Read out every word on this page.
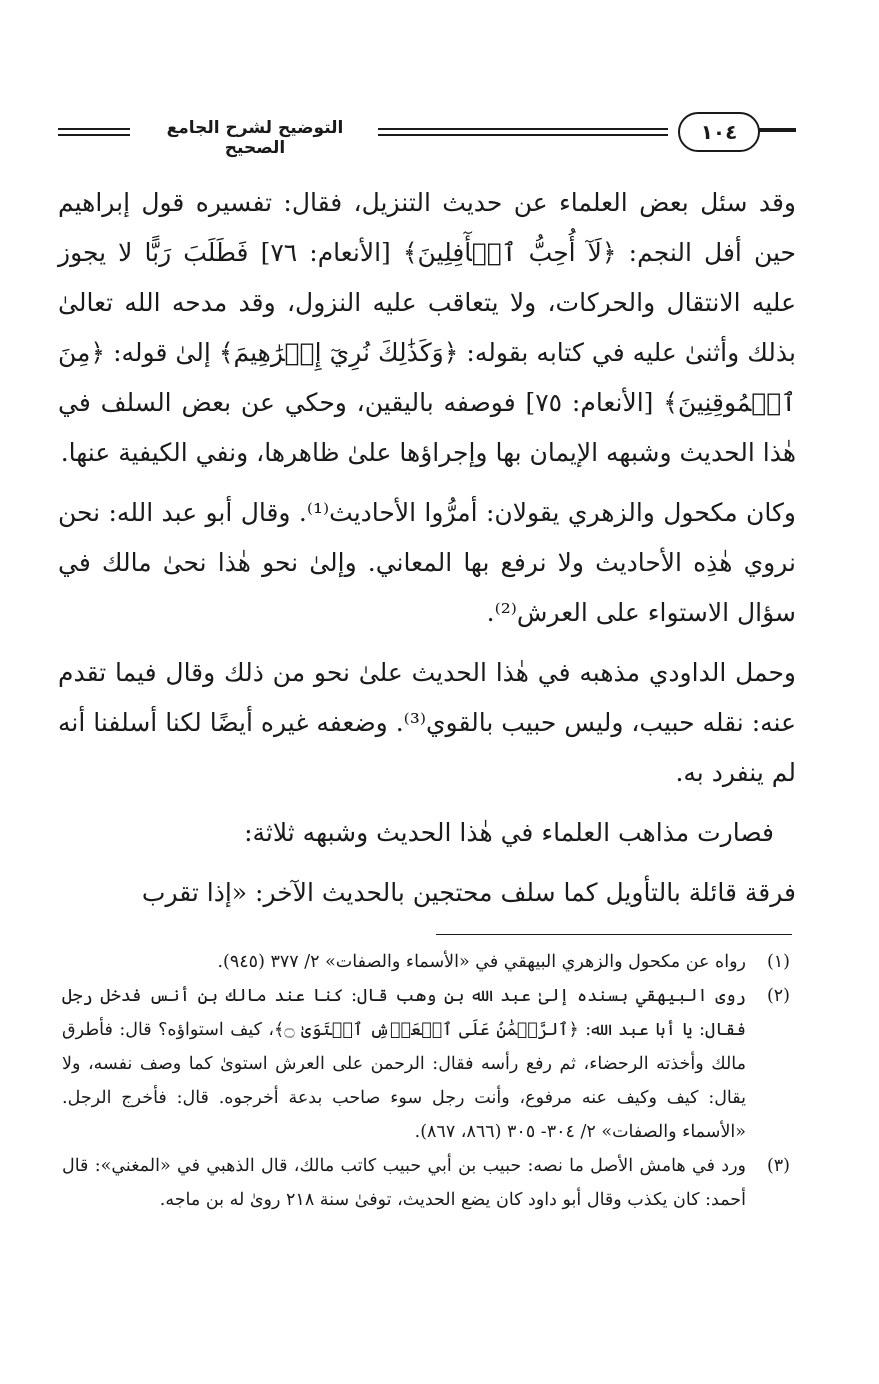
التوضيح لشرح الجامع الصحيح
١٠٤

وقد سئل بعض العلماء عن حديث التنزيل، فقال: تفسيره قول إبراهيم حين أفل النجم: ﴿لَآ أُحِبُّ ٱلۡأٓفِلِينَ﴾ [الأنعام: ٧٦] فَطَلَبَ رَبًّا لا يجوز عليه الانتقال والحركات، ولا يتعاقب عليه النزول، وقد مدحه الله تعالىٰ بذلك وأثنىٰ عليه في كتابه بقوله: ﴿وَكَذَٰلِكَ نُرِيٓ إِبۡرَٰهِيمَ﴾ إلىٰ قوله: ﴿مِنَ ٱلۡمُوقِنِينَ﴾ [الأنعام: ٧٥] فوصفه باليقين، وحكي عن بعض السلف في هٰذا الحديث وشبهه الإيمان بها وإجراؤها علىٰ ظاهرها، ونفي الكيفية عنها.

وكان مكحول والزهري يقولان: أمرُّوا الأحاديث⁽¹⁾. وقال أبو عبد الله: نحن نروي هٰذِه الأحاديث ولا نرفع بها المعاني. وإلىٰ نحو هٰذا نحىٰ مالك في سؤال الاستواء على العرش⁽²⁾.

وحمل الداودي مذهبه في هٰذا الحديث علىٰ نحو من ذلك وقال فيما تقدم عنه: نقله حبيب، وليس حبيب بالقوي⁽³⁾. وضعفه غيره أيضًا لكنا أسلفنا أنه لم ينفرد به.

فصارت مذاهب العلماء في هٰذا الحديث وشبهه ثلاثة:

فرقة قائلة بالتأويل كما سلف محتجين بالحديث الآخر: «إذا تقرب

(١)
رواه عن مكحول والزهري البيهقي في «الأسماء والصفات» ٢/ ٣٧٧ (٩٤٥).
(٢)
روى البيهقي بسنده إلىٰ عبد الله بن وهب قال: كنا عند مالك بن أنس فدخل رجل فقال: يا أبا عبد الله: ﴿ٱلرَّحۡمَٰنُ عَلَى ٱلۡعَرۡشِ ٱسۡتَوَىٰ ۝﴾، كيف استواؤه؟ قال: فأطرق مالك وأخذته الرحضاء، ثم رفع رأسه فقال: الرحمن على العرش استوىٰ كما وصف نفسه، ولا يقال: كيف وكيف عنه مرفوع، وأنت رجل سوء صاحب بدعة أخرجوه. قال: فأخرج الرجل. «الأسماء والصفات» ٢/ ٣٠٤- ٣٠٥ (٨٦٦، ٨٦٧).
(٣)
ورد في هامش الأصل ما نصه: حبيب بن أبي حبيب كاتب مالك، قال الذهبي في «المغني»: قال أحمد: كان يكذب وقال أبو داود كان يضع الحديث، توفىٰ سنة ٢١٨ روىٰ له بن ماجه.
